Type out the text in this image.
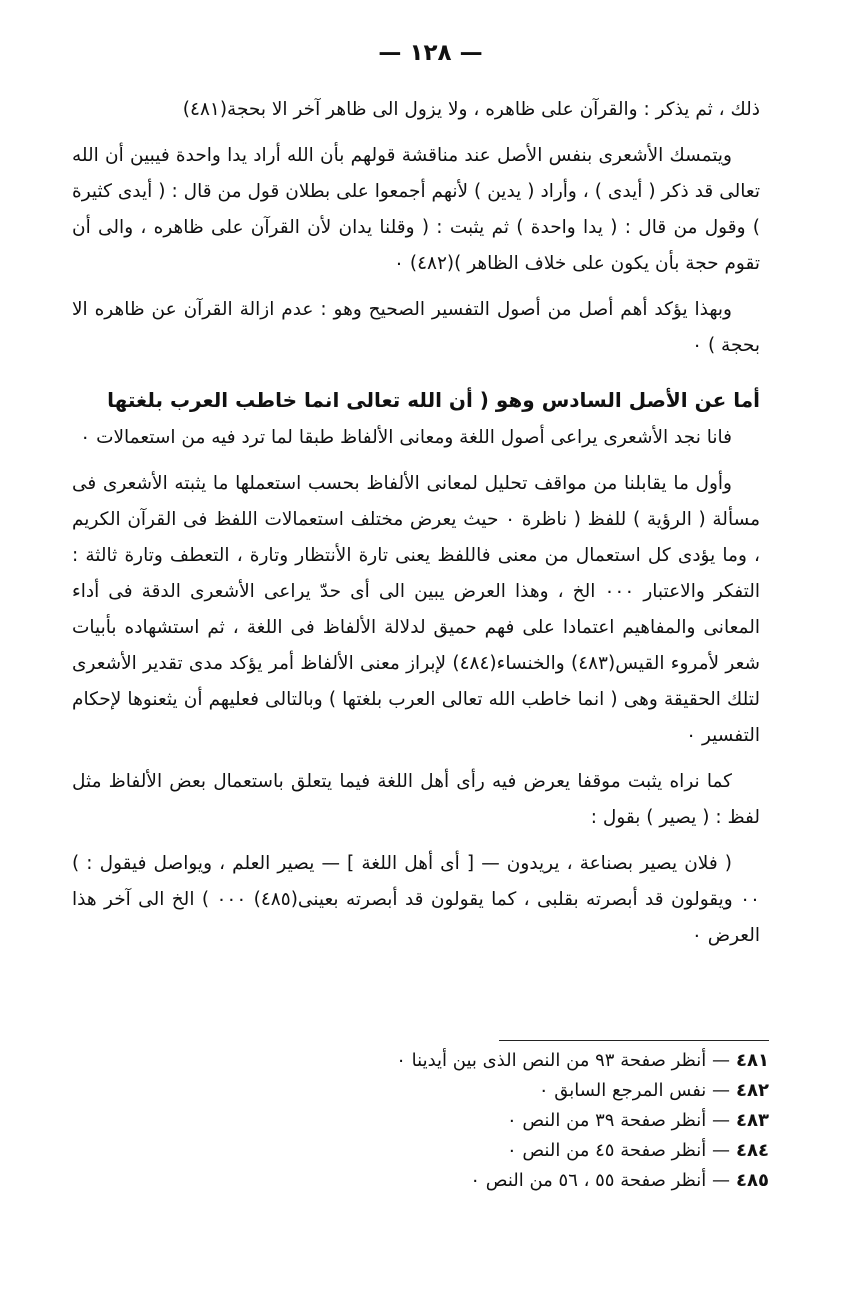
— ١٢٨ —

ذلك ، ثم يذكر : والقرآن على ظاهره ، ولا يزول الى ظاهر آخر الا بحجة(٤٨١)

ويتمسك الأشعرى بنفس الأصل عند مناقشة قولهم بأن الله أراد يدا واحدة فيبين أن الله تعالى قد ذكر ( أيدى ) ، وأراد ( يدين ) لأنهم أجمعوا على بطلان قول من قال : ( أيدى كثيرة ) وقول من قال : ( يدا واحدة ) ثم يثبت : ( وقلنا يدان لأن القرآن على ظاهره ، والى أن تقوم حجة بأن يكون على خلاف الظاهر )(٤٨٢) ٠

وبهذا يؤكد أهم أصل من أصول التفسير الصحيح وهو : عدم ازالة القرآن عن ظاهره الا بحجة ) ٠

أما عن الأصل السادس وهو ( أن الله تعالى انما خاطب العرب بلغتها

فانا نجد الأشعرى يراعى أصول اللغة ومعانى الألفاظ طبقا لما ترد فيه من استعمالات ٠

وأول ما يقابلنا من مواقف تحليل لمعانى الألفاظ بحسب استعملها ما يثبته الأشعرى فى مسألة ( الرؤية ) للفظ ( ناظرة ٠ حيث يعرض مختلف استعمالات اللفظ فى القرآن الكريم ، وما يؤدى كل استعمال من معنى فاللفظ يعنى تارة الأنتظار وتارة ، التعطف وتارة ثالثة : التفكر والاعتبار ٠٠٠ الخ ، وهذا العرض يبين الى أى حدّ يراعى الأشعرى الدقة فى أداء المعانى والمفاهيم اعتمادا على فهم حميق لدلالة الألفاظ فى اللغة ، ثم استشهاده بأبيات شعر لأمروء القيس(٤٨٣) والخنساء(٤٨٤) لإبراز معنى الألفاظ أمر يؤكد مدى تقدير الأشعرى لتلك الحقيقة وهى ( انما خاطب الله تعالى العرب بلغتها ) وبالتالى فعليهم أن يثعنوها لإحكام التفسير ٠

كما نراه يثبت موقفا يعرض فيه رأى أهل اللغة فيما يتعلق باستعمال بعض الألفاظ مثل لفظ : ( يصير ) بقول :

( فلان يصير بصناعة ، يريدون — [ أى أهل اللغة ] — يصير العلم ، ويواصل فيقول : ) ٠٠ ويقولون قد أبصرته بقلبى ، كما يقولون قد أبصرته بعينى(٤٨٥) ٠٠٠ ) الخ الى آخر هذا العرض ٠

٤٨١
— أنظر صفحة ٩٣ من النص الذى بين أيدينا ٠
٤٨٢
— نفس المرجع السابق ٠
٤٨٣
— أنظر صفحة ٣٩ من النص ٠
٤٨٤
— أنظر صفحة ٤٥ من النص ٠
٤٨٥
— أنظر صفحة ٥٥ ، ٥٦ من النص ٠
